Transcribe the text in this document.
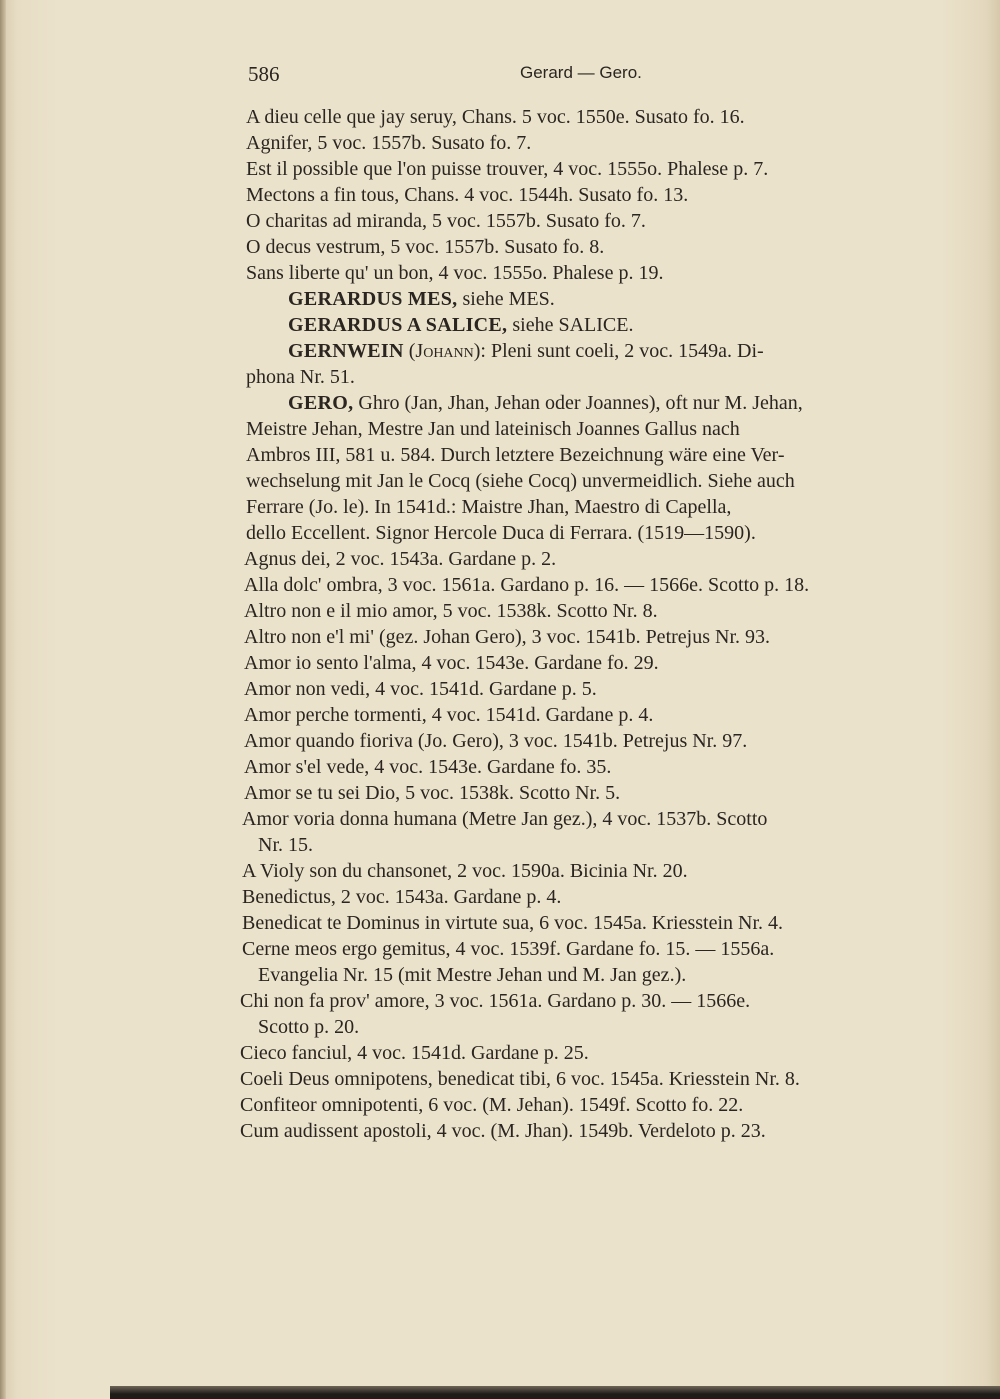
586	Gerard — Gero.
A dieu celle que jay seruy, Chans. 5 voc. 1550e. Susato fo. 16.
Agnifer, 5 voc. 1557b. Susato fo. 7.
Est il possible que l'on puisse trouver, 4 voc. 1555o. Phalese p. 7.
Mectons a fin tous, Chans. 4 voc. 1544h. Susato fo. 13.
O charitas ad miranda, 5 voc. 1557b. Susato fo. 7.
O decus vestrum, 5 voc. 1557b. Susato fo. 8.
Sans liberte qu' un bon, 4 voc. 1555o. Phalese p. 19.
GERARDUS MES, siehe MES.
GERARDUS A SALICE, siehe SALICE.
GERNWEIN (Johann): Pleni sunt coeli, 2 voc. 1549a. Di-
phona Nr. 51.
GERO, Ghro (Jan, Jhan, Jehan oder Joannes), oft nur M. Jehan,
Meistre Jehan, Mestre Jan und lateinisch Joannes Gallus nach
Ambros III, 581 u. 584. Durch letztere Bezeichnung wäre eine Ver-
wechselung mit Jan le Cocq (siehe Cocq) unvermeidlich. Siehe auch
Ferrare (Jo. le). In 1541d.: Maistre Jhan, Maestro di Capella,
dello Eccellent. Signor Hercole Duca di Ferrara. (1519—1590).
Agnus dei, 2 voc. 1543a. Gardane p. 2.
Alla dolc' ombra, 3 voc. 1561a. Gardano p. 16. — 1566e. Scotto p. 18.
Altro non e il mio amor, 5 voc. 1538k. Scotto Nr. 8.
Altro non e'l mi' (gez. Johan Gero), 3 voc. 1541b. Petrejus Nr. 93.
Amor io sento l'alma, 4 voc. 1543e. Gardane fo. 29.
Amor non vedi, 4 voc. 1541d. Gardane p. 5.
Amor perche tormenti, 4 voc. 1541d. Gardane p. 4.
Amor quando fioriva (Jo. Gero), 3 voc. 1541b. Petrejus Nr. 97.
Amor s'el vede, 4 voc. 1543e. Gardane fo. 35.
Amor se tu sei Dio, 5 voc. 1538k. Scotto Nr. 5.
Amor voria donna humana (Metre Jan gez.), 4 voc. 1537b. Scotto
Nr. 15.
A Violy son du chansonet, 2 voc. 1590a. Bicinia Nr. 20.
Benedictus, 2 voc. 1543a. Gardane p. 4.
Benedicat te Dominus in virtute sua, 6 voc. 1545a. Kriesstein Nr. 4.
Cerne meos ergo gemitus, 4 voc. 1539f. Gardane fo. 15. — 1556a.
Evangelia Nr. 15 (mit Mestre Jehan und M. Jan gez.).
Chi non fa prov' amore, 3 voc. 1561a. Gardano p. 30. — 1566e.
Scotto p. 20.
Cieco fanciul, 4 voc. 1541d. Gardane p. 25.
Coeli Deus omnipotens, benedicat tibi, 6 voc. 1545a. Kriesstein Nr. 8.
Confiteor omnipotenti, 6 voc. (M. Jehan). 1549f. Scotto fo. 22.
Cum audissent apostoli, 4 voc. (M. Jhan). 1549b. Verdeloto p. 23.
